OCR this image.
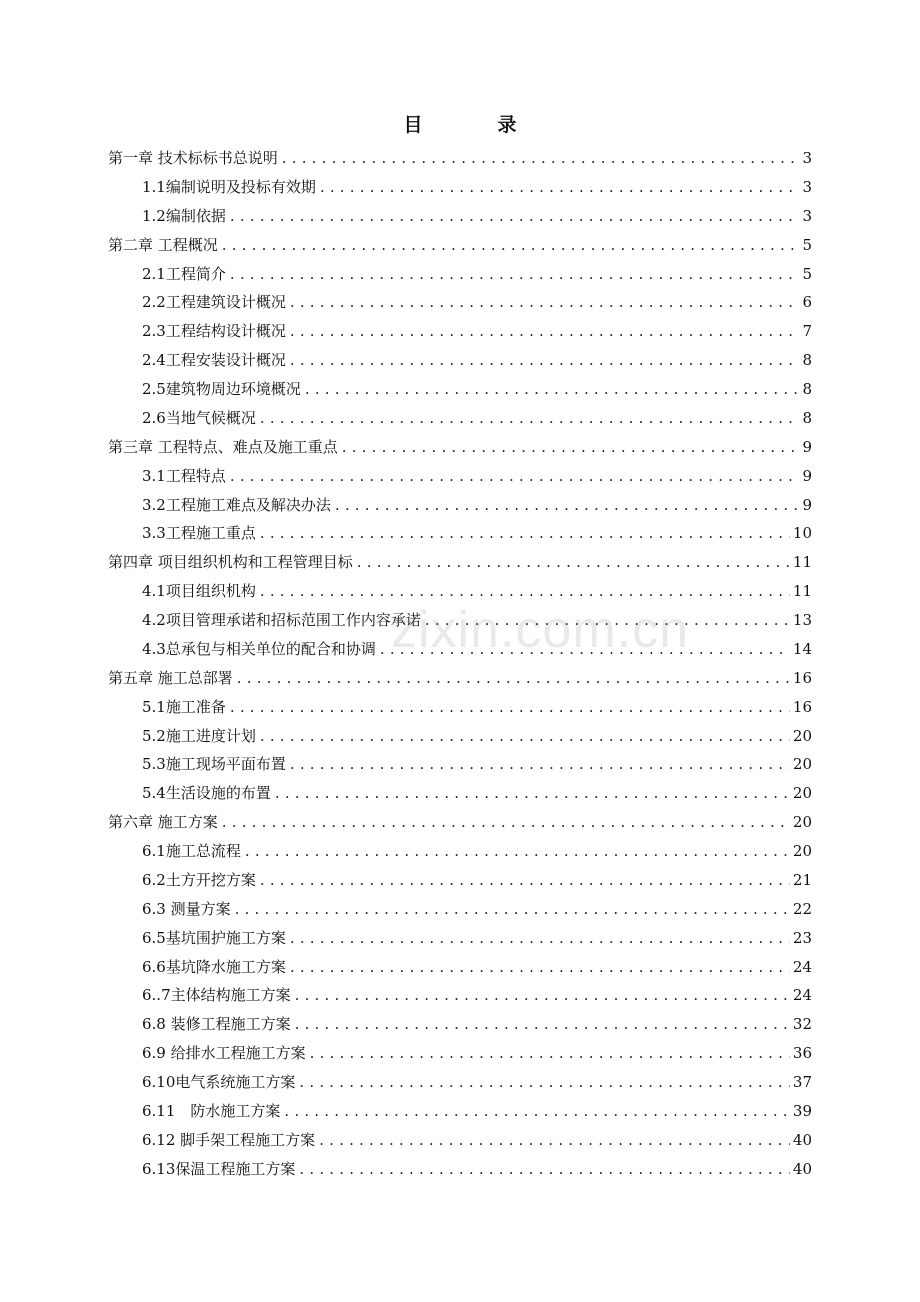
目　录
第一章 技术标标书总说明 .....	3
1.1编制说明及投标有效期 .....	3
1.2编制依据 .....	3
第二章 工程概况 .....	5
2.1工程简介 .....	5
2.2工程建筑设计概况 .....	6
2.3工程结构设计概况 .....	7
2.4工程安装设计概况 .....	8
2.5建筑物周边环境概况 .....	8
2.6当地气候概况 .....	8
第三章 工程特点、难点及施工重点 .....	9
3.1工程特点 .....	9
3.2工程施工难点及解决办法 .....	9
3.3工程施工重点 .....	10
第四章 项目组织机构和工程管理目标 .....	11
4.1项目组织机构 .....	11
4.2项目管理承诺和招标范围工作内容承诺 .....	13
4.3总承包与相关单位的配合和协调 .....	14
第五章 施工总部署 .....	16
5.1施工准备 .....	16
5.2施工进度计划 .....	20
5.3施工现场平面布置 .....	20
5.4生活设施的布置 .....	20
第六章 施工方案 .....	20
6.1施工总流程 .....	20
6.2土方开挖方案 .....	21
6.3 测量方案 .....	22
6.5基坑围护施工方案 .....	23
6.6基坑降水施工方案 .....	24
6..7主体结构施工方案 .....	24
6.8 装修工程施工方案 .....	32
6.9 给排水工程施工方案 .....	36
6.10电气系统施工方案 .....	37
6.11　防水施工方案 .....	39
6.12 脚手架工程施工方案 .....	40
6.13保温工程施工方案 .....	40
zixin.com.cn
